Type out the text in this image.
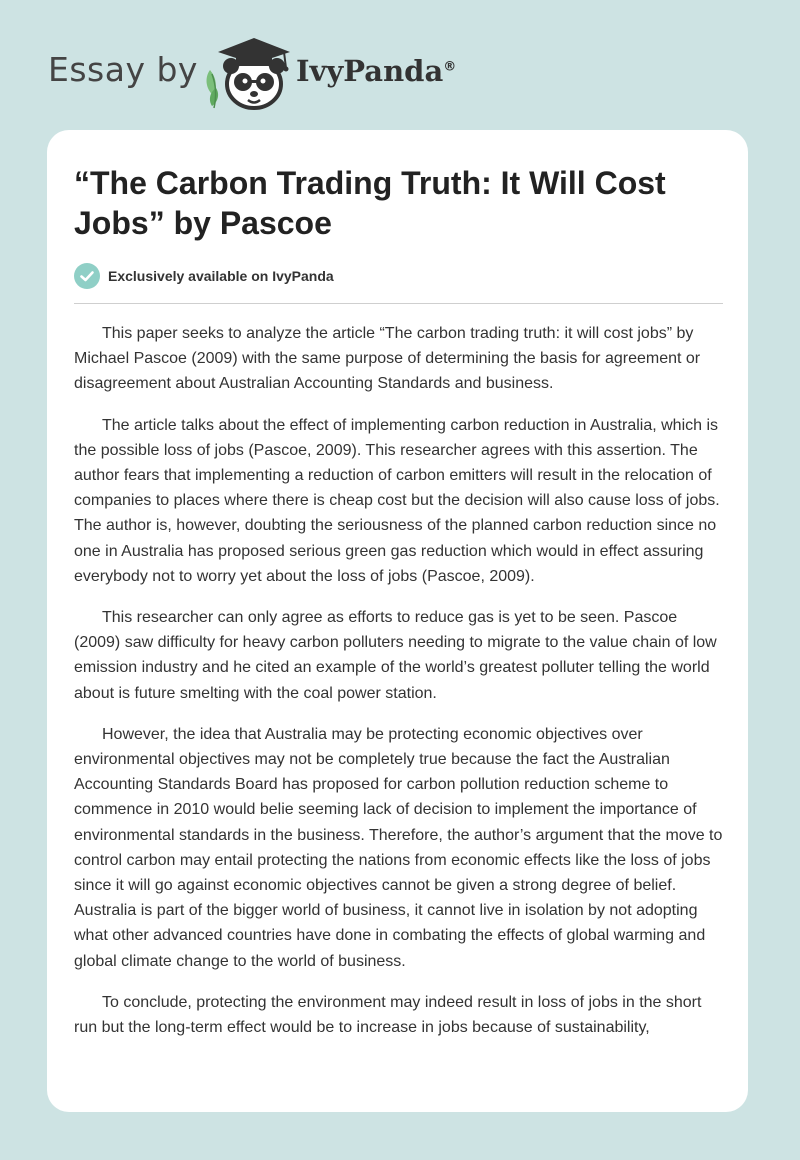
Essay by	IvyPanda®
“The Carbon Trading Truth: It Will Cost Jobs” by Pascoe
Exclusively available on IvyPanda

This paper seeks to analyze the article “The carbon trading truth: it will cost jobs” by Michael Pascoe (2009) with the same purpose of determining the basis for agreement or disagreement about Australian Accounting Standards and business.

The article talks about the effect of implementing carbon reduction in Australia, which is the possible loss of jobs (Pascoe, 2009). This researcher agrees with this assertion. The author fears that implementing a reduction of carbon emitters will result in the relocation of companies to places where there is cheap cost but the decision will also cause loss of jobs. The author is, however, doubting the seriousness of the planned carbon reduction since no one in Australia has proposed serious green gas reduction which would in effect assuring everybody not to worry yet about the loss of jobs (Pascoe, 2009).

This researcher can only agree as efforts to reduce gas is yet to be seen. Pascoe (2009) saw difficulty for heavy carbon polluters needing to migrate to the value chain of low emission industry and he cited an example of the world’s greatest polluter telling the world about is future smelting with the coal power station.

However, the idea that Australia may be protecting economic objectives over environmental objectives may not be completely true because the fact the Australian Accounting Standards Board has proposed for carbon pollution reduction scheme to commence in 2010 would belie seeming lack of decision to implement the importance of environmental standards in the business. Therefore, the author’s argument that the move to control carbon may entail protecting the nations from economic effects like the loss of jobs since it will go against economic objectives cannot be given a strong degree of belief. Australia is part of the bigger world of business, it cannot live in isolation by not adopting what other advanced countries have done in combating the effects of global warming and global climate change to the world of business.

To conclude, protecting the environment may indeed result in loss of jobs in the short run but the long-term effect would be to increase in jobs because of sustainability,
